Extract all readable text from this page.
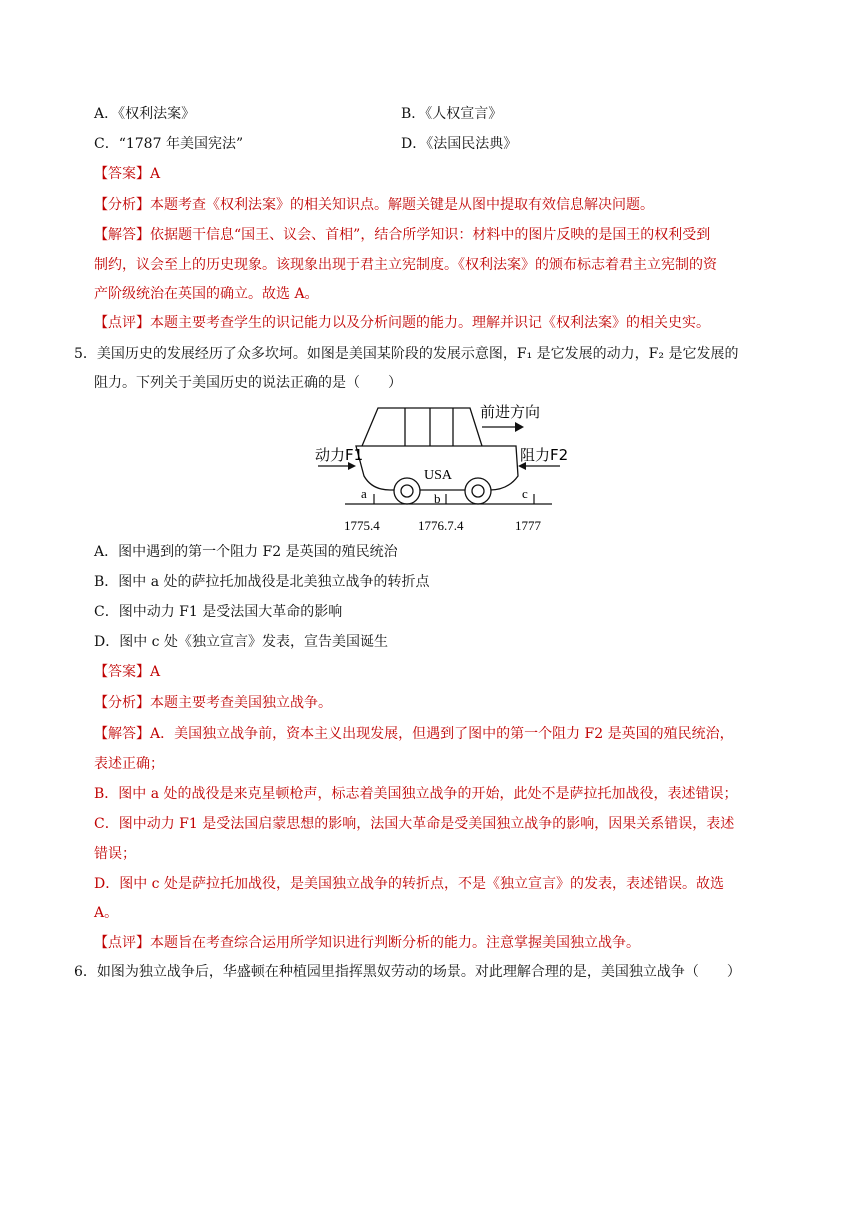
A．《权利法案》	B．《人权宣言》
C．“1787 年美国宪法”	D．《法国民法典》
【答案】A
【分析】本题考查《权利法案》的相关知识点。解题关键是从图中提取有效信息解决问题。
【解答】依据题干信息“国王、议会、首相”，结合所学知识：材料中的图片反映的是国王的权利受到
制约，议会至上的历史现象。该现象出现于君主立宪制度。《权利法案》的颁布标志着君主立宪制的资
产阶级统治在英国的确立。故选 A。
【点评】本题主要考查学生的识记能力以及分析问题的能力。理解并识记《权利法案》的相关史实。
5．美国历史的发展经历了众多坎坷。如图是美国某阶段的发展示意图，F₁ 是它发展的动力，F₂ 是它发展的
阻力。下列关于美国历史的说法正确的是（　　）
前进方向
动力F1	阻力F2
USA
a	b	c
1775.4	1776.7.4	1777
A．图中遇到的第一个阻力 F2 是英国的殖民统治
B．图中 a 处的萨拉托加战役是北美独立战争的转折点
C．图中动力 F1 是受法国大革命的影响
D．图中 c 处《独立宣言》发表，宣告美国诞生
【答案】A
【分析】本题主要考查美国独立战争。
【解答】A．美国独立战争前，资本主义出现发展，但遇到了图中的第一个阻力 F2 是英国的殖民统治，
表述正确；
B．图中 a 处的战役是来克星顿枪声，标志着美国独立战争的开始，此处不是萨拉托加战役，表述错误；
C．图中动力 F1 是受法国启蒙思想的影响，法国大革命是受美国独立战争的影响，因果关系错误，表述
错误；
D．图中 c 处是萨拉托加战役，是美国独立战争的转折点，不是《独立宣言》的发表，表述错误。故选
A。
【点评】本题旨在考查综合运用所学知识进行判断分析的能力。注意掌握美国独立战争。
6．如图为独立战争后，华盛顿在种植园里指挥黑奴劳动的场景。对此理解合理的是，美国独立战争（　　）
